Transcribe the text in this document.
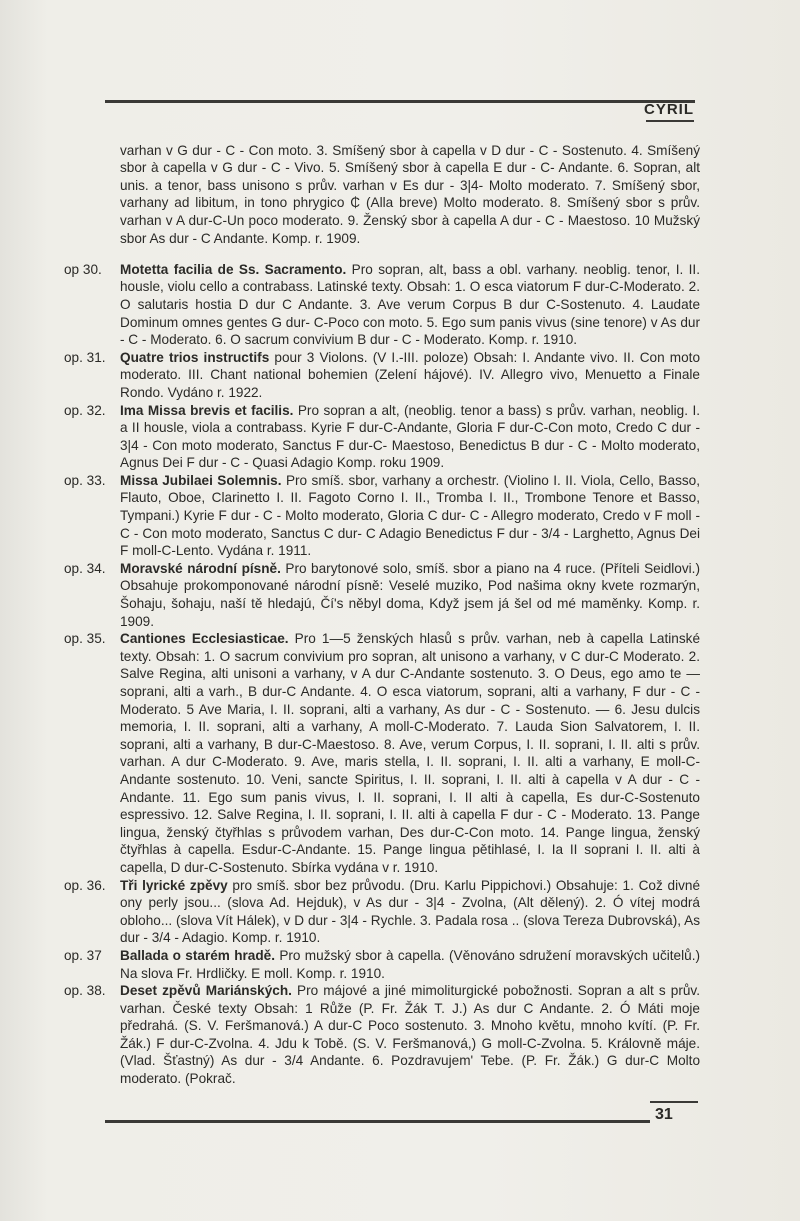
CYRIL

varhan v G dur - C - Con moto. 3. Smíšený sbor à capella v D dur - C - Sostenuto. 4. Smíšený sbor à capella v G dur - C - Vivo. 5. Smíšený sbor à capella E dur - C- Andante. 6. Sopran, alt unis. a tenor, bass unisono s prův. varhan v Es dur - 3|4- Molto moderato. 7. Smíšený sbor, varhany ad libitum, in tono phrygico ₵ (Alla breve) Molto moderato. 8. Smíšený sbor s prův. varhan v A dur-C-Un poco moderato. 9. Ženský sbor à capella A dur - C - Maestoso. 10 Mužský sbor As dur - C Andante. Komp. r. 1909.

op 30.	Motetta facilia de Ss. Sacramento. Pro sopran, alt, bass a obl. varhany. neoblig. tenor, I. II. housle, violu cello a contrabass. Latinské texty. Obsah: 1. O esca viatorum F dur-C-Moderato. 2. O salutaris hostia D dur C Andante. 3. Ave verum Corpus B dur C-Sostenuto. 4. Laudate Dominum omnes gentes G dur- C-Poco con moto. 5. Ego sum panis vivus (sine tenore) v As dur - C - Moderato. 6. O sacrum convivium B dur - C - Moderato. Komp. r. 1910.
op. 31.	Quatre trios instructifs pour 3 Violons. (V I.-III. poloze) Obsah: I. Andante vivo. II. Con moto moderato. III. Chant national bohemien (Zelení hájové). IV. Allegro vivo, Menuetto a Finale Rondo. Vydáno r. 1922.
op. 32.	Ima Missa brevis et facilis. Pro sopran a alt, (neoblig. tenor a bass) s prův. varhan, neoblig. I. a II housle, viola a contrabass. Kyrie F dur-C-Andante, Gloria F dur-C-Con moto, Credo C dur - 3|4 - Con moto moderato, Sanctus F dur-C- Maestoso, Benedictus B dur - C - Molto moderato, Agnus Dei F dur - C - Quasi Adagio Komp. roku 1909.
op. 33.	Missa Jubilaei Solemnis. Pro smíš. sbor, varhany a orchestr. (Violino I. II. Viola, Cello, Basso, Flauto, Oboe, Clarinetto I. II. Fagoto Corno I. II., Tromba I. II., Trombone Tenore et Basso, Tympani.) Kyrie F dur - C - Molto moderato, Gloria C dur- C - Allegro moderato, Credo v F moll - C - Con moto moderato, Sanctus C dur- C Adagio Benedictus F dur - 3/4 - Larghetto, Agnus Dei F moll-C-Lento. Vydána r. 1911.
op. 34.	Moravské národní písně. Pro barytonové solo, smíš. sbor a piano na 4 ruce. (Příteli Seidlovi.) Obsahuje prokomponované národní písně: Veselé muziko, Pod našima okny kvete rozmarýn, Šohaju, šohaju, naší tě hledajú, Čí's něbyl doma, Když jsem já šel od mé maměnky. Komp. r. 1909.
op. 35.	Cantiones Ecclesiasticae. Pro 1—5 ženských hlasů s prův. varhan, neb à capella Latinské texty. Obsah: 1. O sacrum convivium pro sopran, alt unisono a varhany, v C dur-C Moderato. 2. Salve Regina, alti unisoni a varhany, v A dur C-Andante sostenuto. 3. O Deus, ego amo te — soprani, alti a varh., B dur-C Andante. 4. O esca viatorum, soprani, alti a varhany, F dur - C - Moderato. 5 Ave Maria, I. II. soprani, alti a varhany, As dur - C - Sostenuto. — 6. Jesu dulcis memoria, I. II. soprani, alti a varhany, A moll-C-Moderato. 7. Lauda Sion Salvatorem, I. II. soprani, alti a varhany, B dur-C-Maestoso. 8. Ave, verum Corpus, I. II. soprani, I. II. alti s prův. varhan. A dur C-Moderato. 9. Ave, maris stella, I. II. soprani, I. II. alti a varhany, E moll-C-Andante sostenuto. 10. Veni, sancte Spiritus, I. II. soprani, I. II. alti à capella v A dur - C - Andante. 11. Ego sum panis vivus, I. II. soprani, I. II alti à capella, Es dur-C-Sostenuto espressivo. 12. Salve Regina, I. II. soprani, I. II. alti à capella F dur - C - Moderato. 13. Pange lingua, ženský čtyřhlas s průvodem varhan, Des dur-C-Con moto. 14. Pange lingua, ženský čtyřhlas à capella. Esdur-C-Andante. 15. Pange lingua pětihlasé, I. Ia II soprani I. II. alti à capella, D dur-C-Sostenuto. Sbírka vydána v r. 1910.
op. 36.	Tři lyrické zpěvy pro smíš. sbor bez průvodu. (Dru. Karlu Pippichovi.) Obsahuje: 1. Což divné ony perly jsou... (slova Ad. Hejduk), v As dur - 3|4 - Zvolna, (Alt dělený). 2. Ó vítej modrá obloho... (slova Vít Hálek), v D dur - 3|4 - Rychle. 3. Padala rosa .. (slova Tereza Dubrovská), As dur - 3/4 - Adagio. Komp. r. 1910.
op. 37	Ballada o starém hradě. Pro mužský sbor à capella. (Věnováno sdružení moravských učitelů.) Na slova Fr. Hrdličky. E moll. Komp. r. 1910.
op. 38.	Deset zpěvů Mariánských. Pro májové a jiné mimoliturgické pobožnosti. Sopran a alt s prův. varhan. České texty Obsah: 1 Růže (P. Fr. Žák T. J.) As dur C Andante. 2. Ó Máti moje předrahá. (S. V. Feršmanová.) A dur-C Poco sostenuto. 3. Mnoho květu, mnoho kvítí. (P. Fr. Žák.) F dur-C-Zvolna. 4. Jdu k Tobě. (S. V. Feršmanová,) G moll-C-Zvolna. 5. Královně máje. (Vlad. Šťastný) As dur - 3/4 Andante. 6. Pozdravujem' Tebe. (P. Fr. Žák.) G dur-C Molto moderato. (Pokrač.
31
